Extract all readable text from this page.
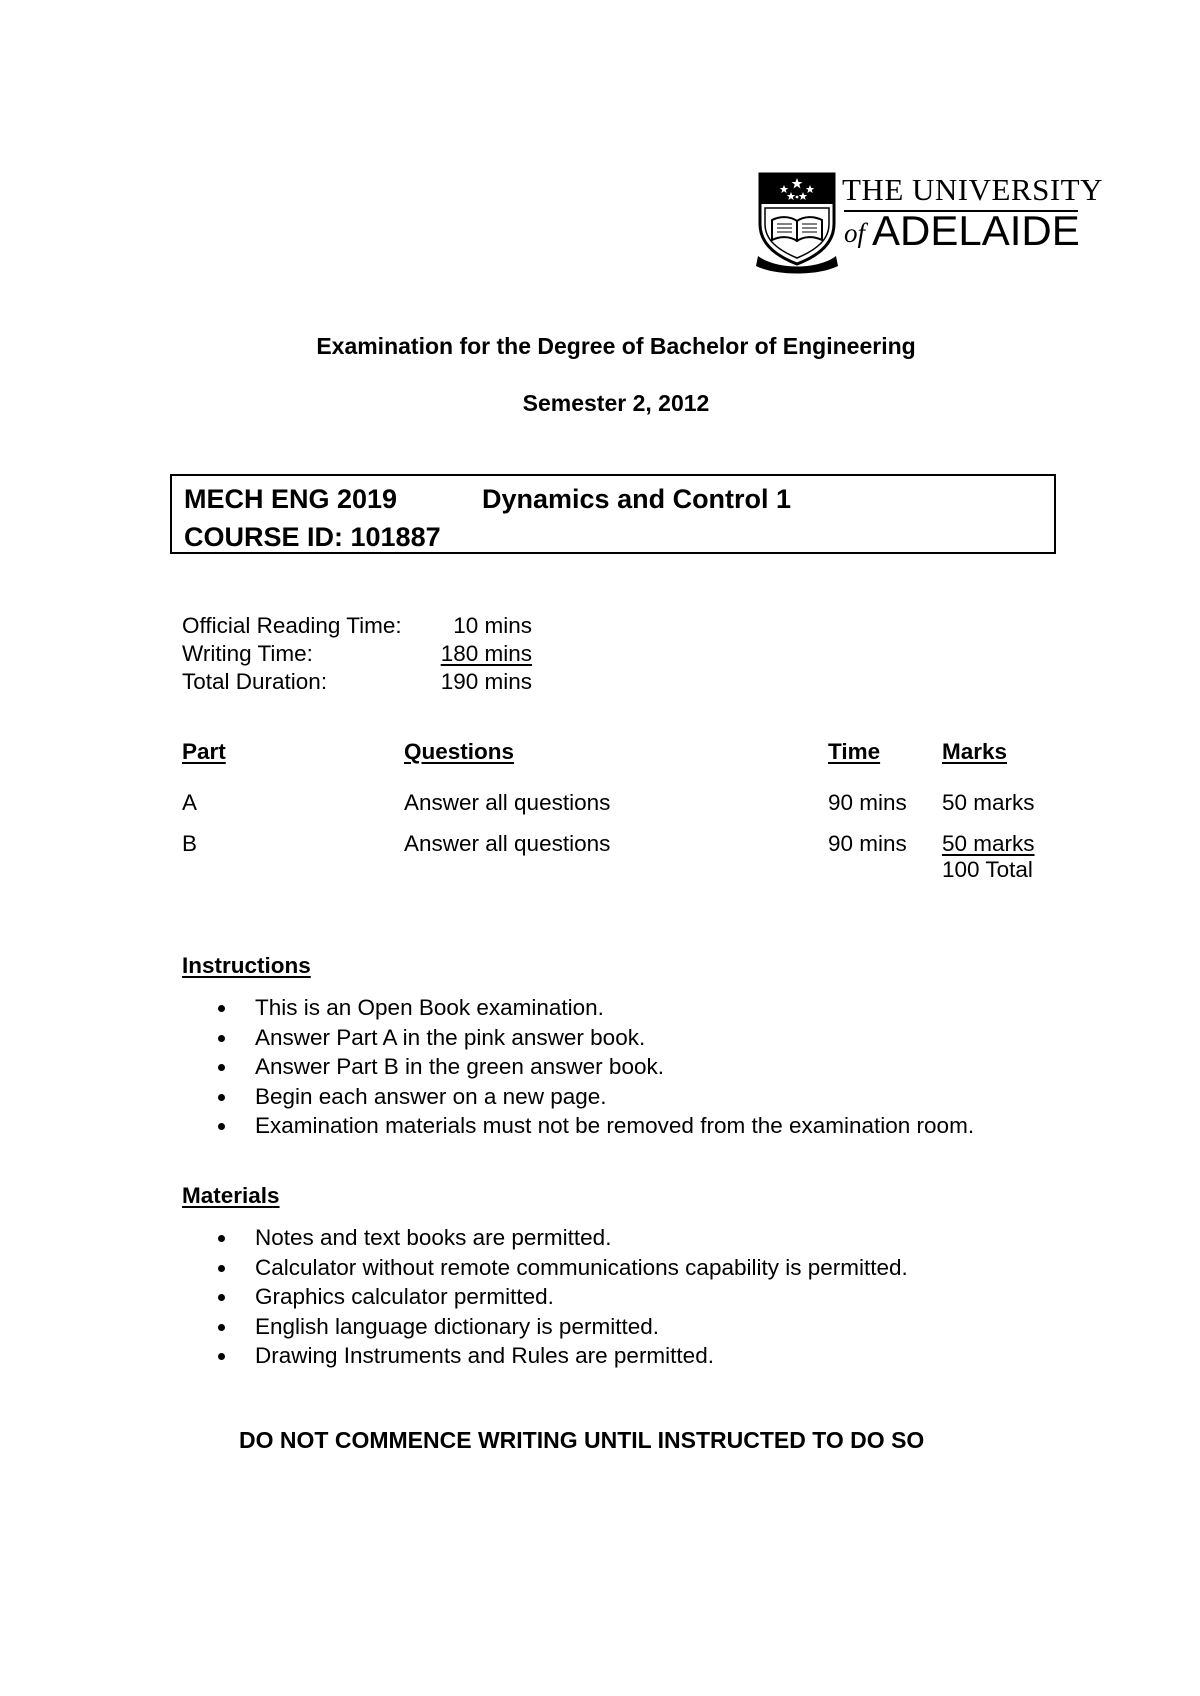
THE UNIVERSITY
of ADELAIDE
Examination for the Degree of Bachelor of Engineering
Semester 2, 2012
MECH ENG 2019	Dynamics and Control 1
COURSE ID: 101887
Official Reading Time:	10 mins
Writing Time:	180 mins
Total Duration:	190 mins
Part	Questions	Time	Marks
A	Answer all questions	90 mins 50 marks
B	Answer all questions	90 mins 50 marks
100 Total
Instructions
This is an Open Book examination.
Answer Part A in the pink answer book.
Answer Part B in the green answer book.
Begin each answer on a new page.
Examination materials must not be removed from the examination room.
Materials
Notes and text books are permitted.
Calculator without remote communications capability is permitted.
Graphics calculator permitted.
English language dictionary is permitted.
Drawing Instruments and Rules are permitted.
DO NOT COMMENCE WRITING UNTIL INSTRUCTED TO DO SO
